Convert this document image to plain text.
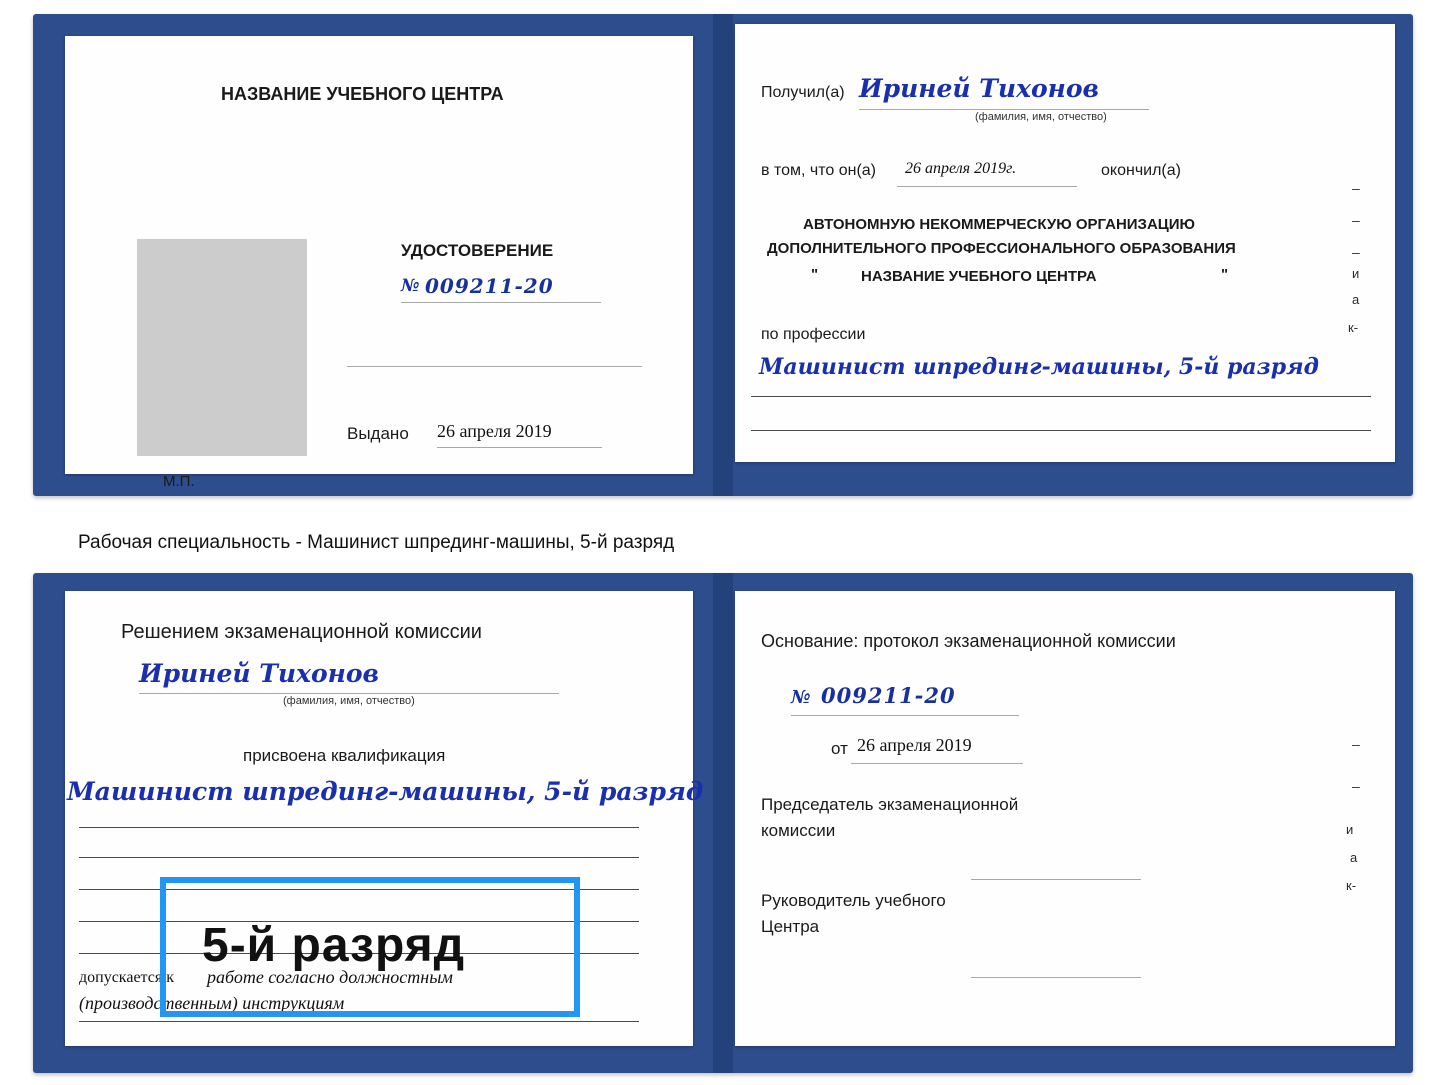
НАЗВАНИЕ УЧЕБНОГО ЦЕНТРА
УДОСТОВЕРЕНИЕ
№ 009211-20
Выдано 26 апреля 2019
М.П.
Получил(а) Ириней Тихонов
(фамилия, имя, отчество)
в том, что он(а) 26 апреля 2019г.	окончил(а)
АВТОНОМНУЮ НЕКОММЕРЧЕСКУЮ ОРГАНИЗАЦИЮ
ДОПОЛНИТЕЛЬНОГО ПРОФЕССИОНАЛЬНОГО ОБРАЗОВАНИЯ
"	НАЗВАНИЕ УЧЕБНОГО ЦЕНТРА	"
по профессии
Машинист шпрединг-машины, 5-й разряд
–
–
–
и
а
к-
Рабочая специальность - Машинист шпрединг-машины, 5-й разряд
Решением экзаменационной комиссии
Ириней Тихонов
(фамилия, имя, отчество)
присвоена квалификация
Машинист шпрединг-машины, 5-й разряд
допускается к работе согласно должностным
(производственным) инструкциям
Основание: протокол экзаменационной комиссии
№ 009211-20
от 26 апреля 2019
Председатель экзаменационной
комиссии
Руководитель учебного
Центра
5-й разряд
–
–
и
а
к-
